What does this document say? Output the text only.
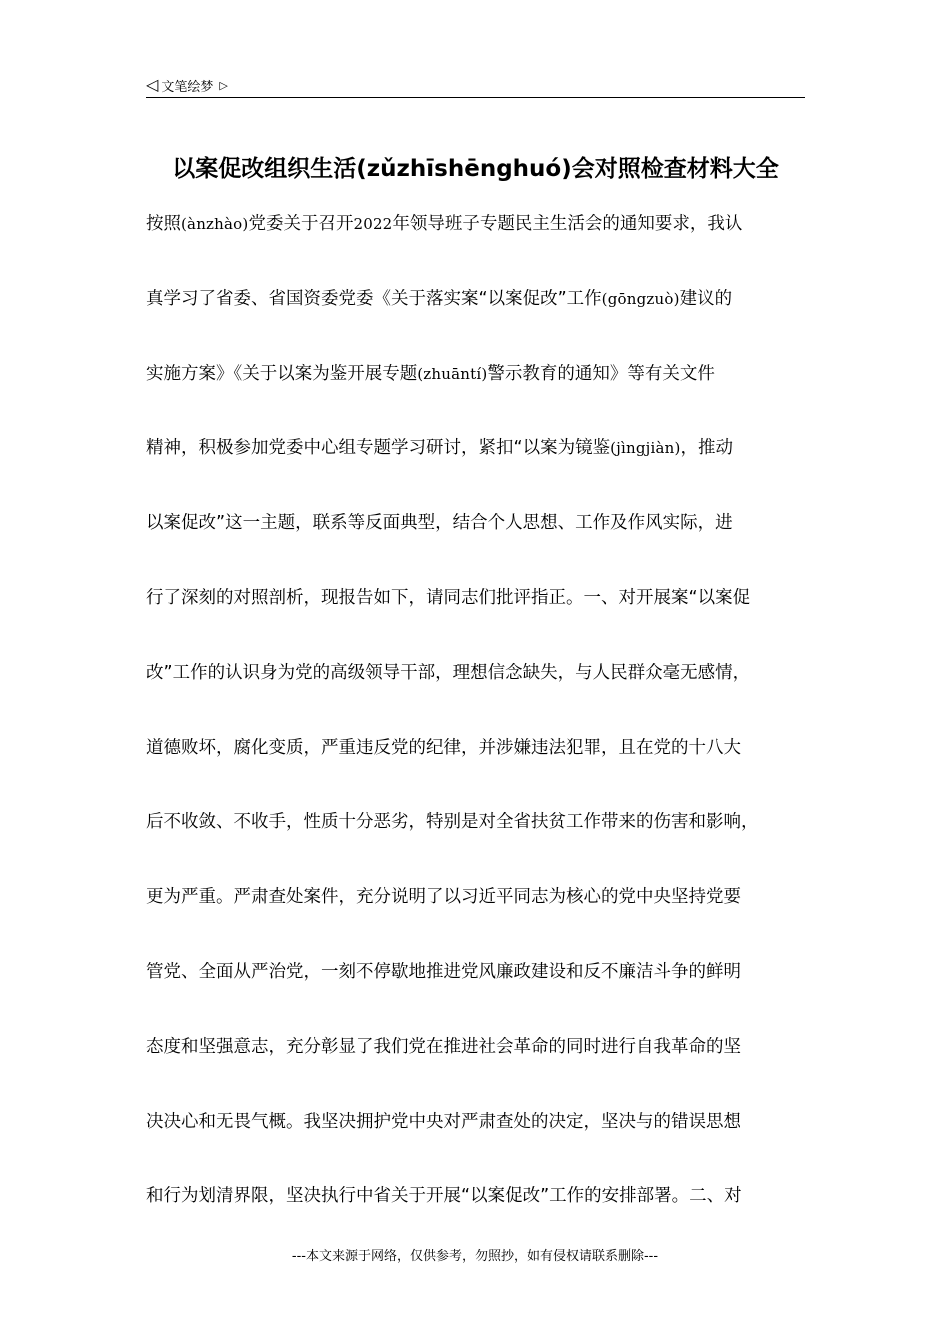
◁ 文笔绘梦 ▷
以案促改组织生活(zǔzhīshēnghuó)会对照检查材料大全
按照(ànzhào)党委关于召开2022年领导班子专题民主生活会的通知要求，我认
真学习了省委、省国资委党委《关于落实案“以案促改”工作(gōngzuò)建议的
实施方案》《关于以案为鉴开展专题(zhuāntí)警示教育的通知》等有关文件
精神，积极参加党委中心组专题学习研讨，紧扣“以案为镜鉴(jìngjiàn)，推动
以案促改”这一主题，联系等反面典型，结合个人思想、工作及作风实际，进
行了深刻的对照剖析，现报告如下，请同志们批评指正。一、对开展案“以案促
改”工作的认识身为党的高级领导干部，理想信念缺失，与人民群众毫无感情，
道德败坏，腐化变质，严重违反党的纪律，并涉嫌违法犯罪，且在党的十八大
后不收敛、不收手，性质十分恶劣，特别是对全省扶贫工作带来的伤害和影响，
更为严重。严肃查处案件，充分说明了以习近平同志为核心的党中央坚持党要
管党、全面从严治党，一刻不停歇地推进党风廉政建设和反不廉洁斗争的鲜明
态度和坚强意志，充分彰显了我们党在推进社会革命的同时进行自我革命的坚
决决心和无畏气概。我坚决拥护党中央对严肃查处的决定，坚决与的错误思想
和行为划清界限，坚决执行中省关于开展“以案促改”工作的安排部署。二、对
---本文来源于网络，仅供参考，勿照抄，如有侵权请联系删除---
